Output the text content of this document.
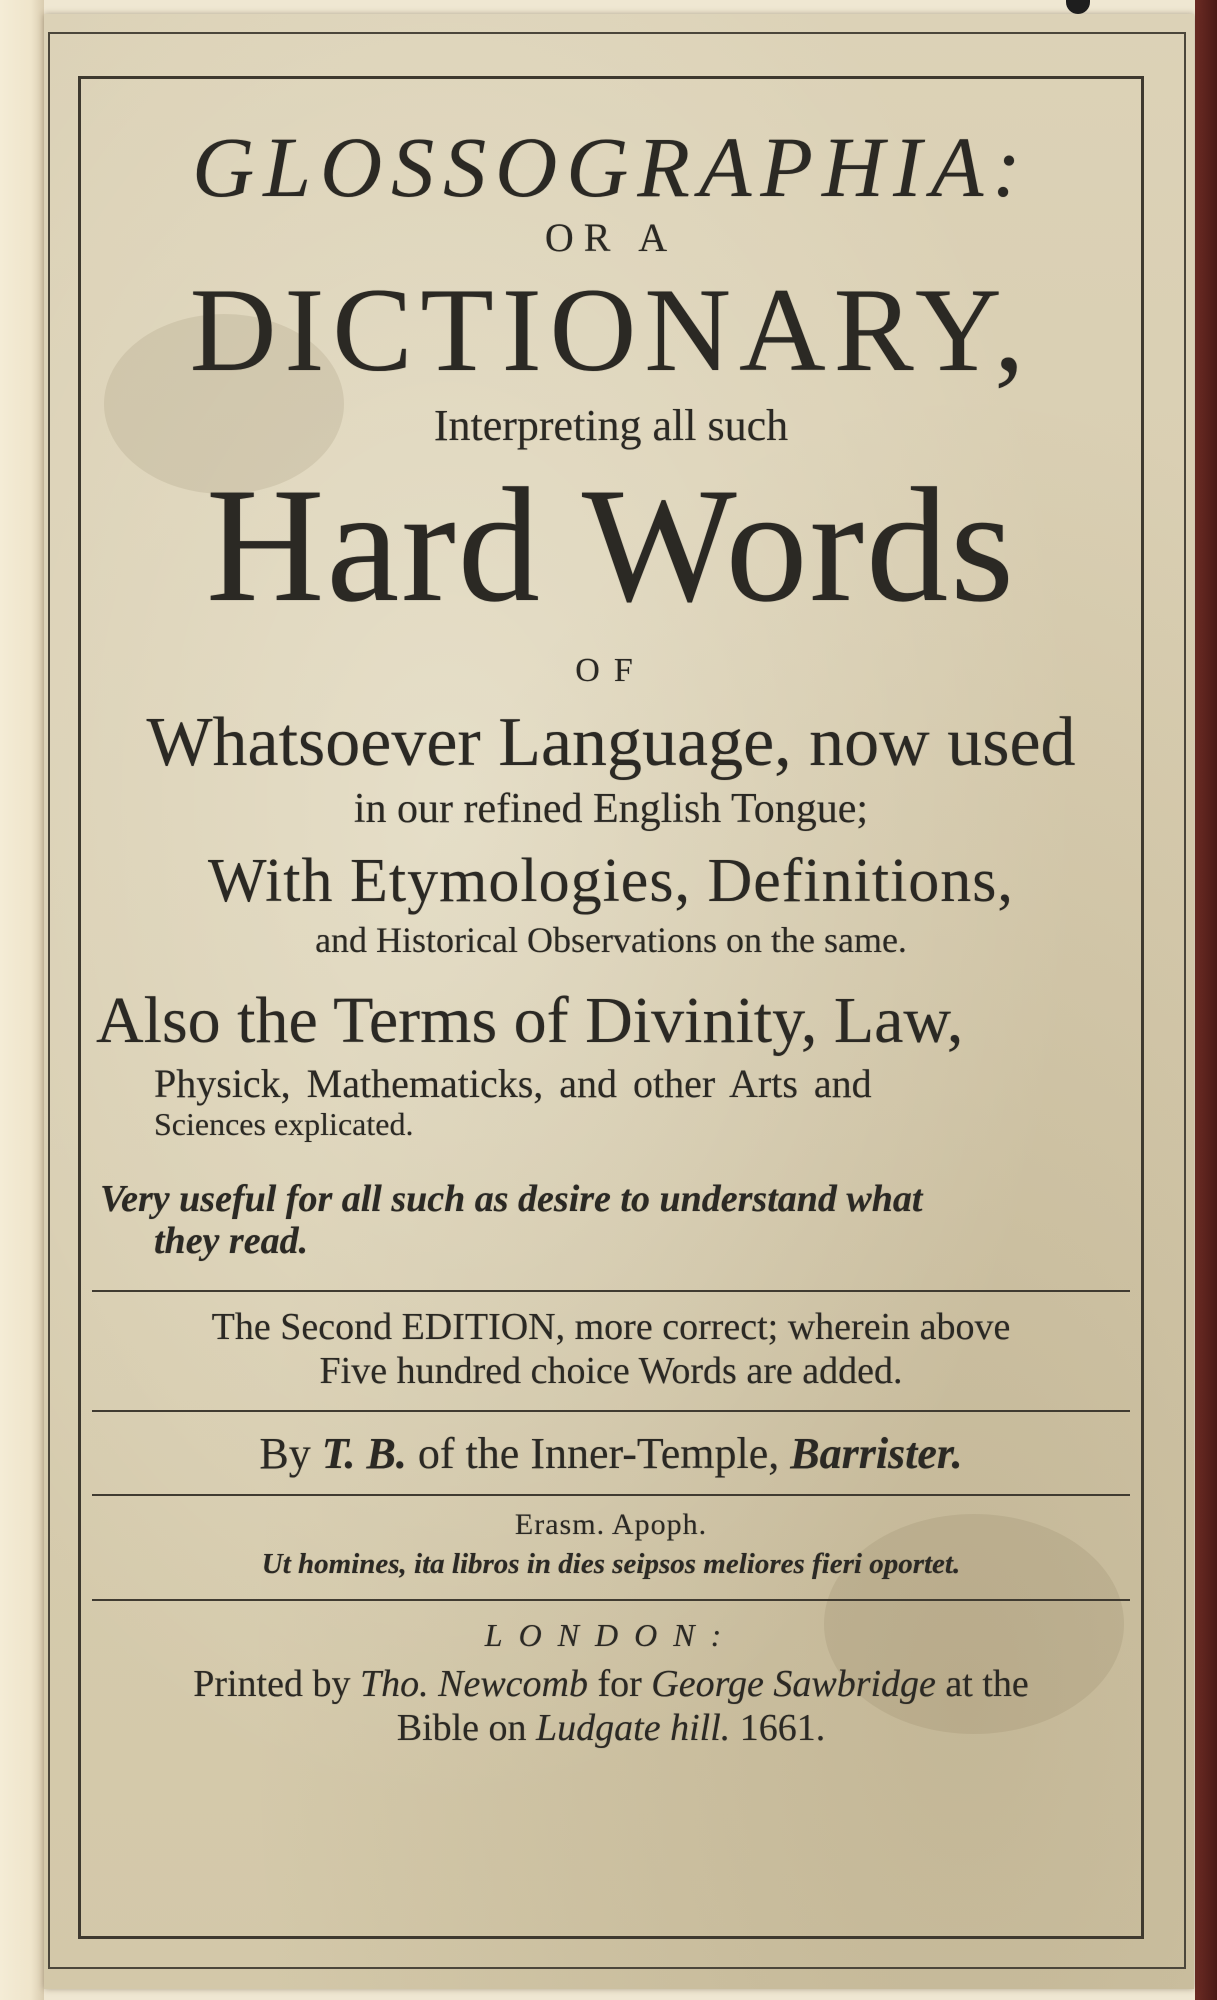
GLOSSOGRAPHIA:
OR A
DICTIONARY,
Interpreting all such
Hard Words
OF
Whatsoever Language, now used
in our refined English Tongue;
With Etymologies, Definitions,
and Historical Observations on the same.
Also the Terms of Divinity, Law,
Physick, Mathematicks, and other Arts and
Sciences explicated.
Very useful for all such as desire to understand what
they read.
The Second EDITION, more correct; wherein above
Five hundred choice Words are added.
By T. B. of the Inner-Temple, Barrister.
Erasm. Apoph.
Ut homines, ita libros in dies seipsos meliores fieri oportet.
LONDON:
Printed by Tho. Newcomb for George Sawbridge at the
Bible on Ludgate hill. 1661.
